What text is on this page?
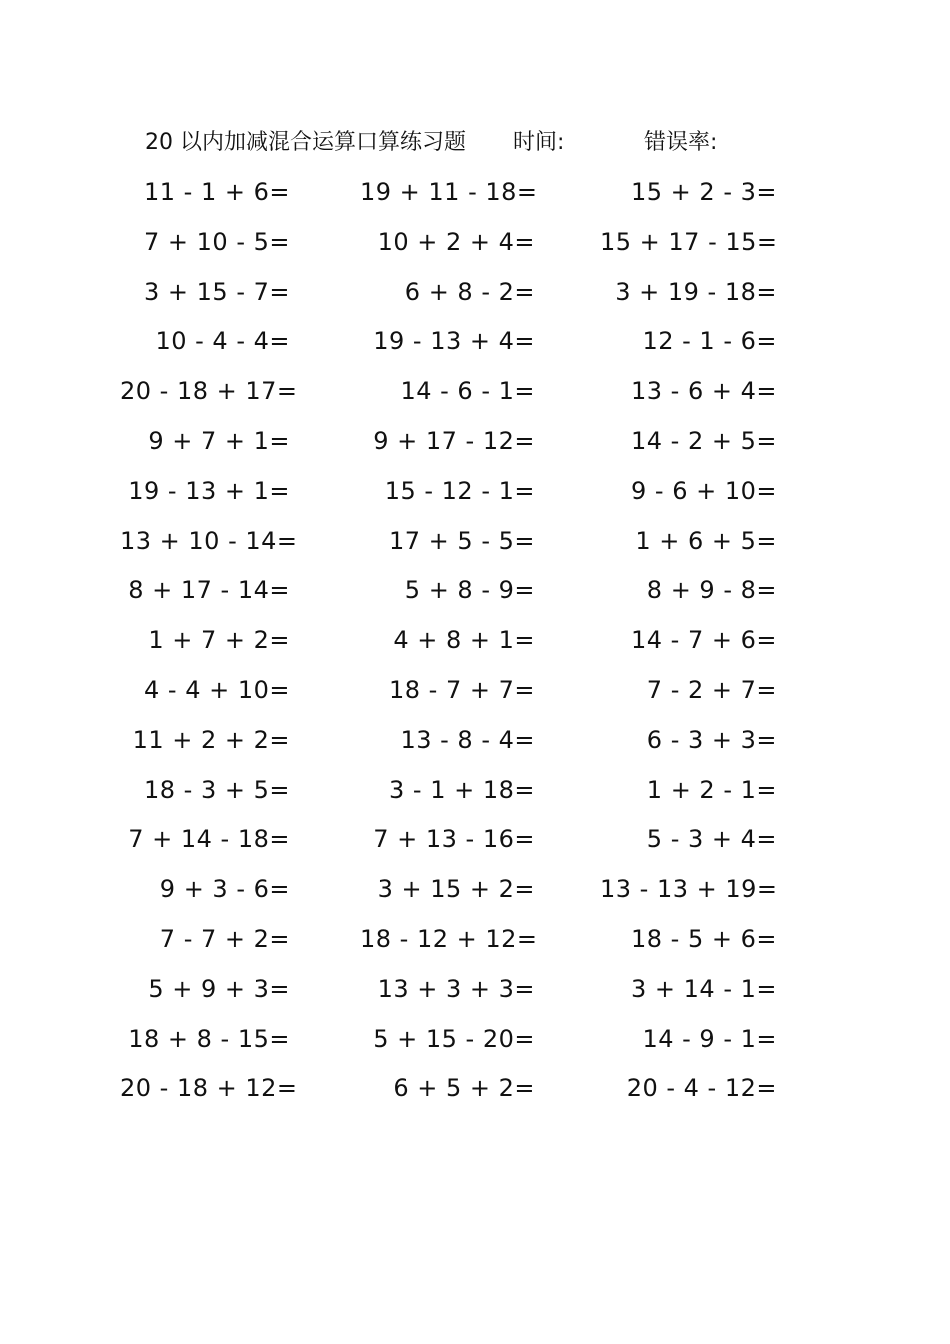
20 以内加减混合运算口算练习题 时间:	错误率:
11 - 1 + 6=	19 + 11 - 18=	15 + 2 - 3=
7 + 10 - 5=	10 + 2 + 4=	15 + 17 - 15=
3 + 15 - 7=	6 + 8 - 2=	3 + 19 - 18=
10 - 4 - 4=	19 - 13 + 4=	12 - 1 - 6=
20 - 18 + 17=	14 - 6 - 1=	13 - 6 + 4=
9 + 7 + 1=	9 + 17 - 12=	14 - 2 + 5=
19 - 13 + 1=	15 - 12 - 1=	9 - 6 + 10=
13 + 10 - 14=	17 + 5 - 5=	1 + 6 + 5=
8 + 17 - 14=	5 + 8 - 9=	8 + 9 - 8=
1 + 7 + 2=	4 + 8 + 1=	14 - 7 + 6=
4 - 4 + 10=	18 - 7 + 7=	7 - 2 + 7=
11 + 2 + 2=	13 - 8 - 4=	6 - 3 + 3=
18 - 3 + 5=	3 - 1 + 18=	1 + 2 - 1=
7 + 14 - 18=	7 + 13 - 16=	5 - 3 + 4=
9 + 3 - 6=	3 + 15 + 2=	13 - 13 + 19=
7 - 7 + 2=	18 - 12 + 12=	18 - 5 + 6=
5 + 9 + 3=	13 + 3 + 3=	3 + 14 - 1=
18 + 8 - 15=	5 + 15 - 20=	14 - 9 - 1=
20 - 18 + 12=	6 + 5 + 2=	20 - 4 - 12=
